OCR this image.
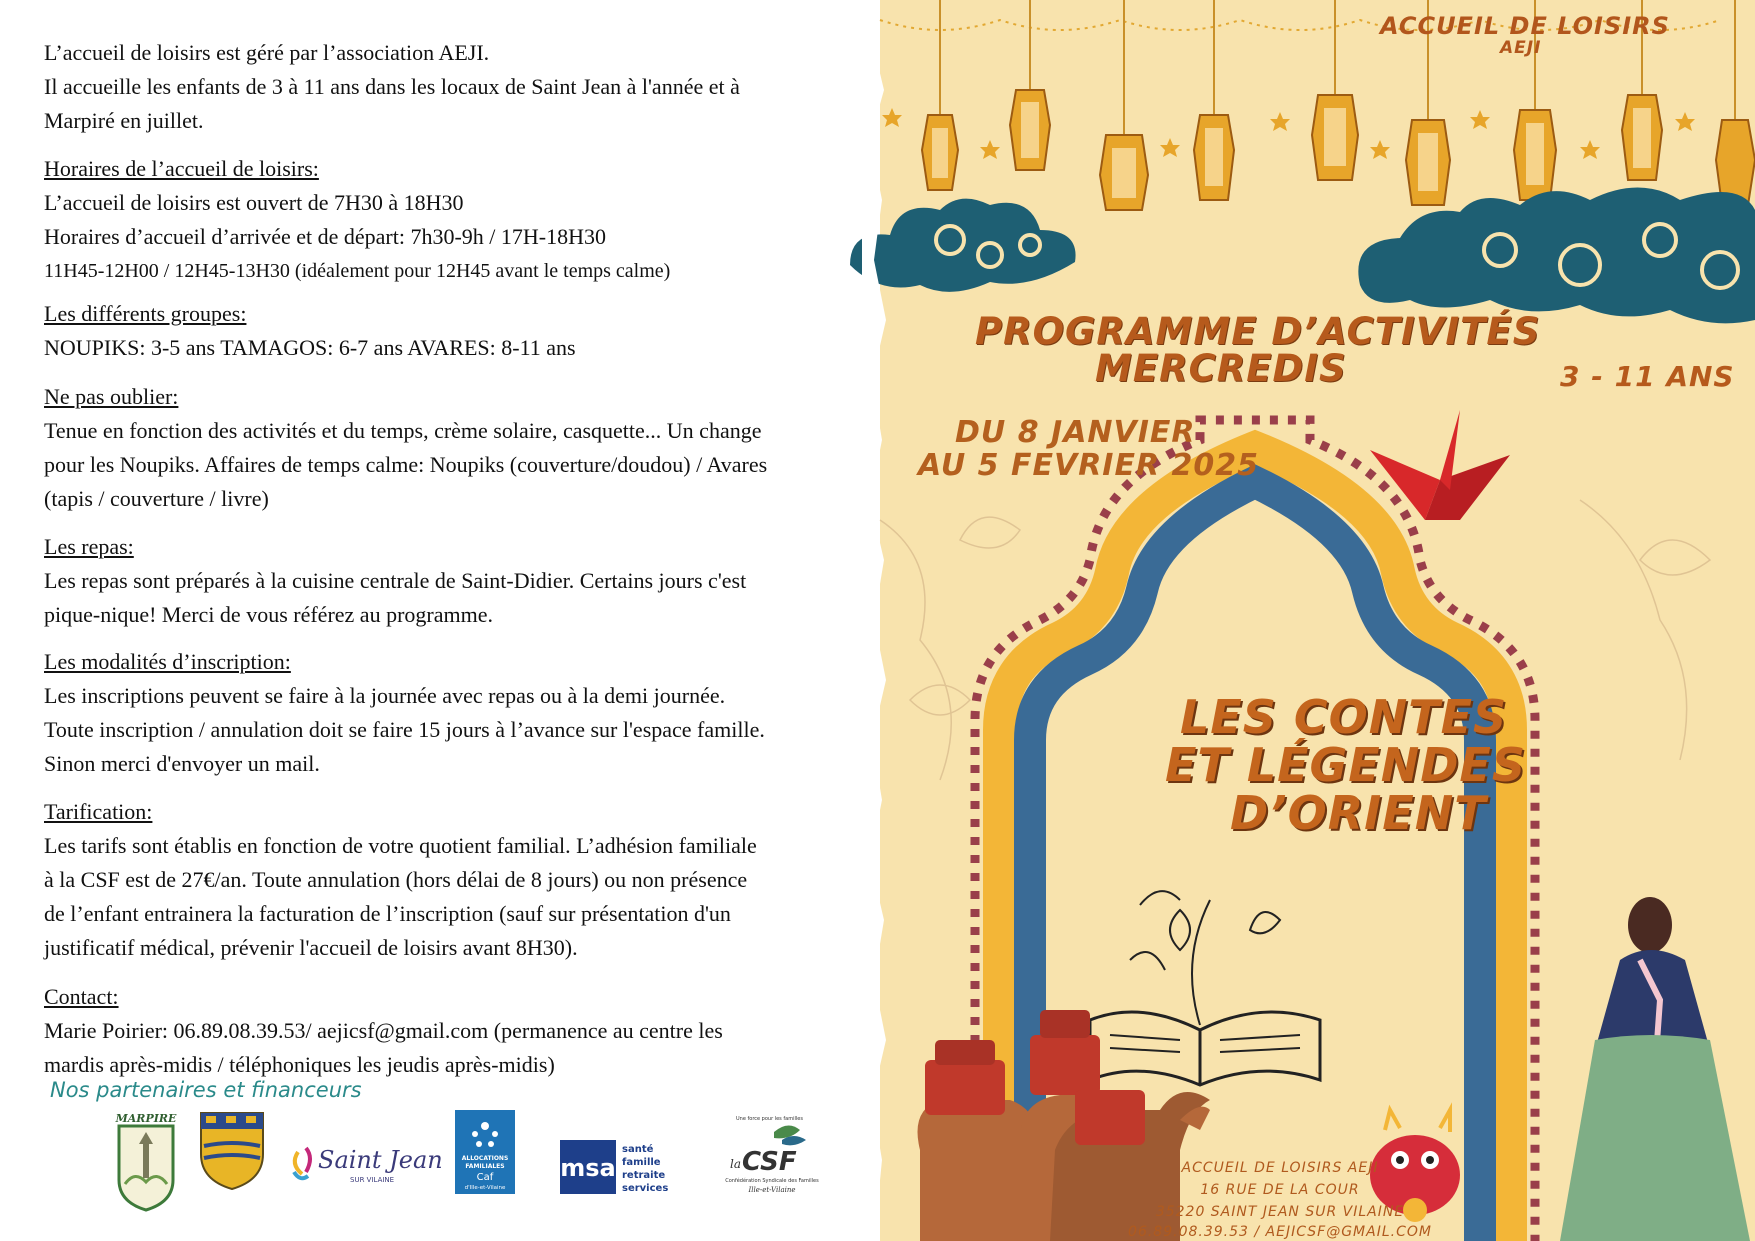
L’accueil de loisirs est géré par l’association AEJI.
Il accueille les enfants de 3 à 11 ans dans les locaux de Saint Jean à l'année et à
Marpiré en juillet.
Horaires de l’accueil de loisirs:
L’accueil de loisirs est ouvert de 7H30 à 18H30
Horaires d’accueil d’arrivée et de départ: 7h30-9h / 17H-18H30
11H45-12H00 / 12H45-13H30 (idéalement pour 12H45 avant le temps calme)
Les différents groupes:
NOUPIKS: 3-5 ans TAMAGOS: 6-7 ans AVARES: 8-11 ans
Ne pas oublier:
Tenue en fonction des activités et du temps, crème solaire, casquette... Un change
pour les Noupiks. Affaires de temps calme: Noupiks (couverture/doudou) / Avares
(tapis / couverture / livre)
Les repas:
Les repas sont préparés à la cuisine centrale de Saint-Didier. Certains jours c'est
pique-nique! Merci de vous référez au programme.
Les modalités d’inscription:
Les inscriptions peuvent se faire à la journée avec repas ou à la demi journée.
Toute inscription / annulation doit se faire 15 jours à l’avance sur l'espace famille.
Sinon merci d'envoyer un mail.
Tarification:
Les tarifs sont établis en fonction de votre quotient familial. L’adhésion familiale
à la CSF est de 27€/an. Toute annulation (hors délai de 8 jours) ou non présence
de l’enfant entrainera la facturation de l’inscription (sauf sur présentation d'un
justificatif médical, prévenir l'accueil de loisirs avant 8H30).
Contact:
Marie Poirier: 06.89.08.39.53/ aejicsf@gmail.com (permanence au centre les
mardis après-midis / téléphoniques les jeudis après-midis)
Nos partenaires et financeurs
MARPIRE
Saint Jean
SUR VILAINE
ALLOCATIONS
FAMILIALES
Caf
d'Ille-et-Vilaine
msa
santé
famille
retraite
services
Une force pour les familles
la CSF
Confédération Syndicale des Familles
Ille-et-Vilaine
ACCUEIL DE LOISIRS
AEJI
PROGRAMME D’ACTIVITÉS
MERCREDIS	3 - 11 ANS
DU 8 JANVIER
AU 5 FEVRIER 2025
LES CONTES
ET LÉGENDES
D’ORIENT
ACCUEIL DE LOISIRS AEJI
16 RUE DE LA COUR
35220 SAINT JEAN SUR VILAINE
06.89.08.39.53 / AEJICSF@GMAIL.COM
